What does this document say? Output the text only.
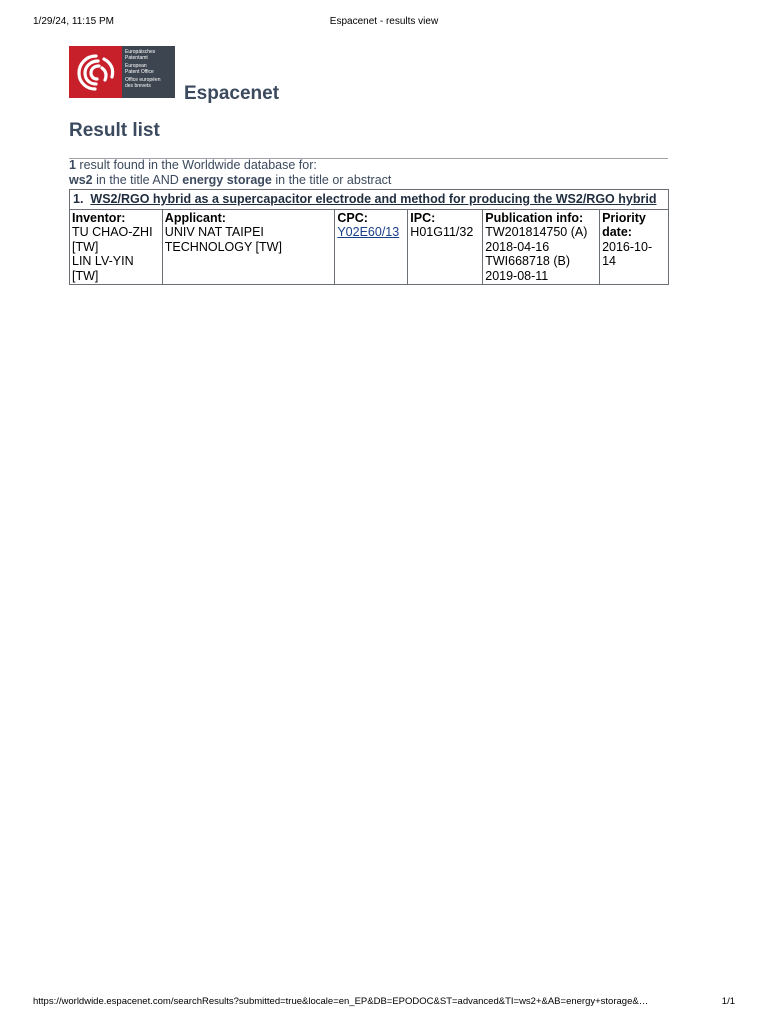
1/29/24, 11:15 PM	Espacenet - results view
Europäisches
Patentamt
European
Patent Office
Office européen
des brevets	Espacenet
Result list
1 result found in the Worldwide database for:
ws2 in the title AND energy storage in the title or abstract
1. WS2/RGO hybrid as a supercapacitor electrode and method for producing the WS2/RGO hybrid

Inventor:
TU CHAO-ZHI [TW]
LIN LV-YIN [TW]

Applicant:
UNIV NAT TAIPEI TECHNOLOGY [TW]

CPC:
Y02E60/13	
IPC:
H01G11/32

Publication info:
TW201814750 (A)
2018-04-16
TWI668718 (B)
2019-08-11

Priority date:
2016-10-14
https://worldwide.espacenet.com/searchResults?submitted=true&locale=en_EP&DB=EPODOC&ST=advanced&TI=ws2+&AB=energy+storage&…	1/1
